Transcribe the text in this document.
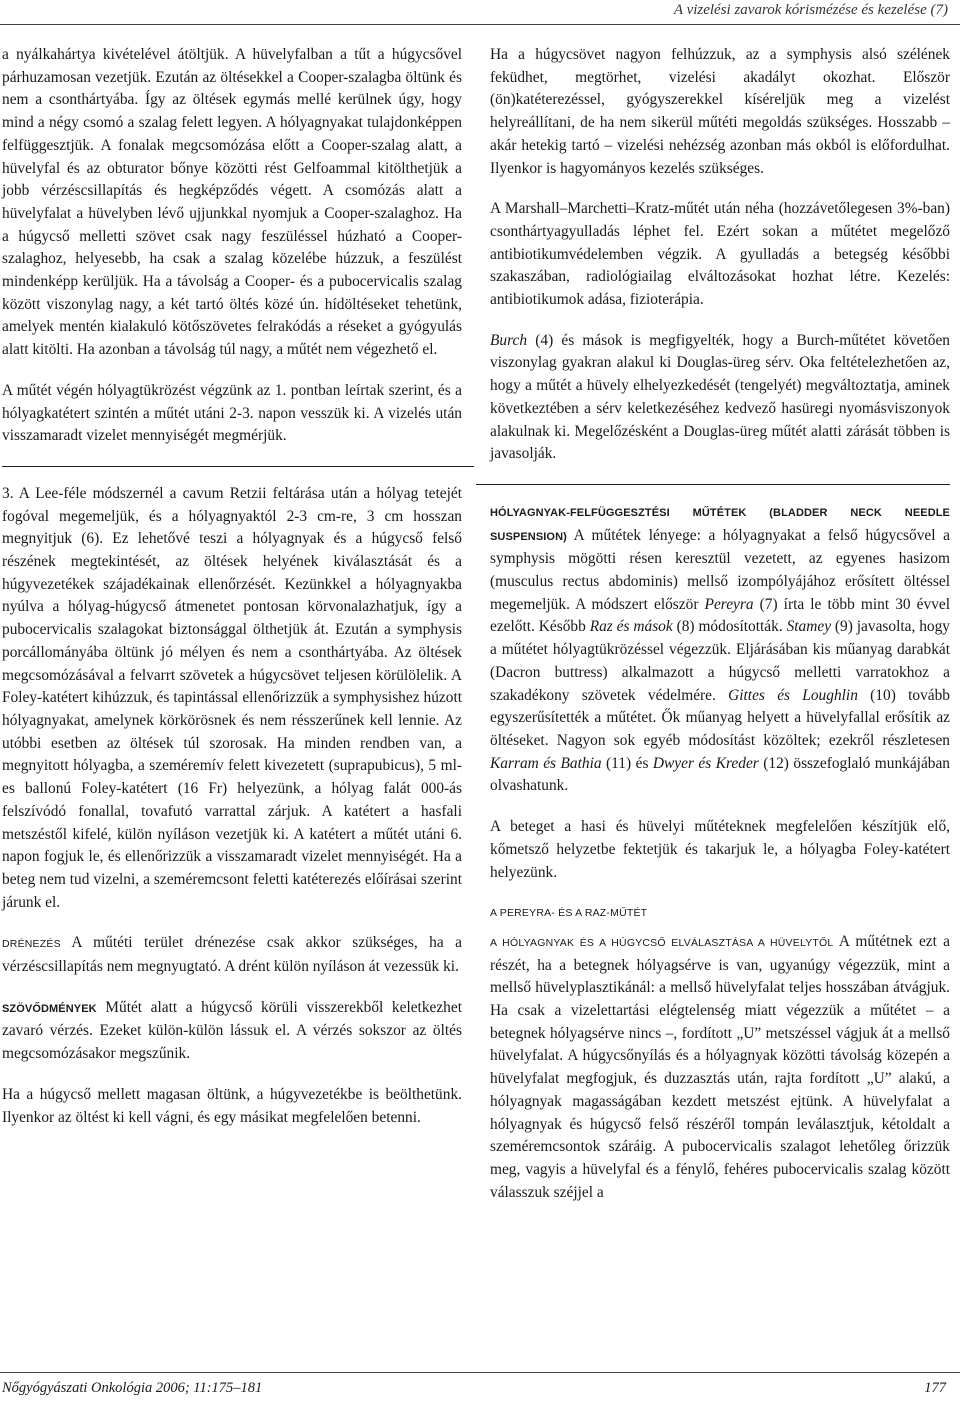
A vizelési zavarok kórismézése és kezelése (7)

a nyálkahártya kivételével átöltjük. A hüvelyfalban a tűt a húgycsővel párhuzamosan vezetjük. Ezután az öltésekkel a Cooper-szalagba öltünk és nem a csonthártyába. Így az öltések egymás mellé kerülnek úgy, hogy mind a négy csomó a szalag felett legyen. A hólyagnyakat tulajdonképpen felfüggesztjük. A fonalak megcsomózása előtt a Cooper-szalag alatt, a hüvelyfal és az obturator bőnye közötti rést Gelfoammal kitölthetjük a jobb vérzéscsillapítás és hegképződés végett. A csomózás alatt a hüvelyfalat a hüvelyben lévő ujjunkkal nyomjuk a Cooper-szalaghoz. Ha a húgycső melletti szövet csak nagy feszüléssel húzható a Cooper-szalaghoz, helyesebb, ha csak a szalag közelébe húzzuk, a feszülést mindenképp kerüljük. Ha a távolság a Cooper- és a pubocervicalis szalag között viszonylag nagy, a két tartó öltés közé ún. hídöltéseket tehetünk, amelyek mentén kialakuló kötőszövetes felrakódás a réseket a gyógyulás alatt kitölti. Ha azonban a távolság túl nagy, a műtét nem végezhető el.

A műtét végén hólyagtükrözést végzünk az 1. pontban leírtak szerint, és a hólyagkatétert szintén a műtét utáni 2-3. napon vesszük ki. A vizelés után visszamaradt vizelet mennyiségét megmérjük.

3. A Lee-féle módszernél a cavum Retzii feltárása után a hólyag tetejét fogóval megemeljük, és a hólyagnyaktól 2-3 cm-re, 3 cm hosszan megnyitjuk (6). Ez lehetővé teszi a hólyagnyak és a húgycső felső részének megtekintését, az öltések helyének kiválasztását és a húgyvezetékek szájadékainak ellenőrzését. Kezünkkel a hólyagnyakba nyúlva a hólyag-húgycső átmenetet pontosan körvonalazhatjuk, így a pubocervicalis szalagokat biztonsággal ölthetjük át. Ezután a symphysis porcállományába öltünk jó mélyen és nem a csonthártyába. Az öltések megcsomózásával a felvarrt szövetek a húgycsövet teljesen körülölelik. A Foley-katétert kihúzzuk, és tapintással ellenőrizzük a symphysishez húzott hólyagnyakat, amelynek körkörösnek és nem résszerűnek kell lennie. Az utóbbi esetben az öltések túl szorosak. Ha minden rendben van, a megnyitott hólyagba, a szeméremív felett kivezetett (suprapubicus), 5 ml-es ballonú Foley-katétert (16 Fr) helyezünk, a hólyag falát 000-ás felszívódó fonallal, tovafutó varrattal zárjuk. A katétert a hasfali metszéstől kifelé, külön nyíláson vezetjük ki. A katétert a műtét utáni 6. napon fogjuk le, és ellenőrizzük a visszamaradt vizelet mennyiségét. Ha a beteg nem tud vizelni, a szeméremcsont feletti katéterezés előírásai szerint járunk el.

DRÉNEZÉS A műtéti terület drénezése csak akkor szükséges, ha a vérzéscsillapítás nem megnyugtató. A drént külön nyíláson át vezessük ki.

SZÖVŐDMÉNYEK Műtét alatt a húgycső körüli visszerekből keletkezhet zavaró vérzés. Ezeket külön-külön lássuk el. A vérzés sokszor az öltés megcsomózásakor megszűnik.

Ha a húgycső mellett magasan öltünk, a húgyvezetékbe is beölthetünk. Ilyenkor az öltést ki kell vágni, és egy másikat megfelelően betenni.

Ha a húgycsövet nagyon felhúzzuk, az a symphysis alsó szélének feküdhet, megtörhet, vizelési akadályt okozhat. Először (ön)katéterezéssel, gyógyszerekkel kíséreljük meg a vizelést helyreállítani, de ha nem sikerül műtéti megoldás szükséges. Hosszabb – akár hetekig tartó – vizelési nehézség azonban más okból is előfordulhat. Ilyenkor is hagyományos kezelés szükséges.

A Marshall–Marchetti–Kratz-műtét után néha (hozzávetőlegesen 3%-ban) csonthártyagyulladás léphet fel. Ezért sokan a műtétet megelőző antibiotikumvédelemben végzik. A gyulladás a betegség későbbi szakaszában, radiológiailag elváltozásokat hozhat létre. Kezelés: antibiotikumok adása, fizioterápia.

Burch (4) és mások is megfigyelték, hogy a Burch-műtétet követően viszonylag gyakran alakul ki Douglas-üreg sérv. Oka feltételezhetően az, hogy a műtét a hüvely elhelyezkedését (tengelyét) megváltoztatja, aminek következtében a sérv keletkezéséhez kedvező hasüregi nyomásviszonyok alakulnak ki. Megelőzésként a Douglas-üreg műtét alatti zárását többen is javasolják.

HÓLYAGNYAK-FELFÜGGESZTÉSI MŰTÉTEK (BLADDER NECK NEEDLE SUSPENSION) A műtétek lényege: a hólyagnyakat a felső húgycsővel a symphysis mögötti résen keresztül vezetett, az egyenes hasizom (musculus rectus abdominis) mellső izompólyájához erősített öltéssel megemeljük. A módszert először Pereyra (7) írta le több mint 30 évvel ezelőtt. Később Raz és mások (8) módosították. Stamey (9) javasolta, hogy a műtétet hólyagtükrözéssel végezzük. Eljárásában kis műanyag darabkát (Dacron buttress) alkalmazott a húgycső melletti varratokhoz a szakadékony szövetek védelmére. Gittes és Loughlin (10) tovább egyszerűsítették a műtétet. Ők műanyag helyett a hüvelyfallal erősítik az öltéseket. Nagyon sok egyéb módosítást közöltek; ezekről részletesen Karram és Bathia (11) és Dwyer és Kreder (12) összefoglaló munkájában olvashatunk.

A beteget a hasi és hüvelyi műtéteknek megfelelően készítjük elő, kőmetsző helyzetbe fektetjük és takarjuk le, a hólyagba Foley-katétert helyezünk.

A PEREYRA- ÉS A RAZ-MŰTÉT

A HÓLYAGNYAK ÉS A HÚGYCSŐ ELVÁLASZTÁSA A HÜVELYTŐL A műtétnek ezt a részét, ha a betegnek hólyagsérve is van, ugyanúgy végezzük, mint a mellső hüvelyplasztikánál: a mellső hüvelyfalat teljes hosszában átvágjuk. Ha csak a vizelettartási elégtelenség miatt végezzük a műtétet – a betegnek hólyagsérve nincs –, fordított „U” metszéssel vágjuk át a mellső hüvelyfalat. A húgycsőnyílás és a hólyagnyak közötti távolság közepén a hüvelyfalat megfogjuk, és duzzasztás után, rajta fordított „U” alakú, a hólyagnyak magasságában kezdett metszést ejtünk. A hüvelyfalat a hólyagnyak és húgycső felső részéről tompán leválasztjuk, kétoldalt a szeméremcsontok száráig. A pubocervicalis szalagot lehetőleg őrizzük meg, vagyis a hüvelyfal és a fénylő, fehéres pubocervicalis szalag között válasszuk széjjel a

Nőgyógyászati Onkológia 2006; 11:175–181	177
